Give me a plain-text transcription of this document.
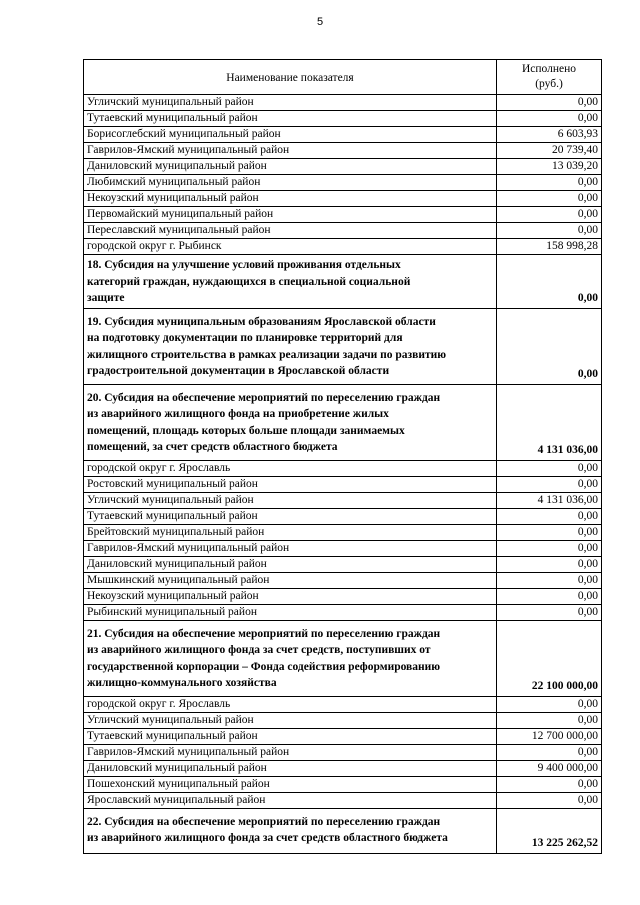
5
Наименование показателя	Исполнено
(руб.)

Угличский муниципальный район	0,00
Тутаевский муниципальный район	0,00
Борисоглебский муниципальный район	6 603,93
Гаврилов-Ямский муниципальный район	20 739,40
Даниловский муниципальный район	13 039,20
Любимский муниципальный район	0,00
Некоузский муниципальный район	0,00
Первомайский муниципальный район	0,00
Переславский муниципальный район	0,00
городской округ г. Рыбинск	158 998,28

18. Субсидия на улучшение условий проживания отдельных
категорий граждан, нуждающихся в специальной социальной
защите	0,00

19. Субсидия муниципальным образованиям Ярославской области
на подготовку документации по планировке территорий для
жилищного строительства в рамках реализации задачи по развитию
градостроительной документации в Ярославской области	0,00

20. Субсидия на обеспечение мероприятий по переселению граждан
из аварийного жилищного фонда на приобретение жилых
помещений, площадь которых больше площади занимаемых
помещений, за счет средств областного бюджета	4 131 036,00
городской округ г. Ярославль	0,00
Ростовский муниципальный район	0,00
Угличский муниципальный район	4 131 036,00
Тутаевский муниципальный район	0,00
Брейтовский муниципальный район	0,00
Гаврилов-Ямский муниципальный район	0,00
Даниловский муниципальный район	0,00
Мышкинский муниципальный район	0,00
Некоузский муниципальный район	0,00
Рыбинский муниципальный район	0,00

21. Субсидия на обеспечение мероприятий по переселению граждан
из аварийного жилищного фонда за счет средств, поступивших от
государственной корпорации – Фонда содействия реформированию
жилищно-коммунального хозяйства	22 100 000,00
городской округ г. Ярославль	0,00
Угличский муниципальный район	0,00
Тутаевский муниципальный район	12 700 000,00
Гаврилов-Ямский муниципальный район	0,00
Даниловский муниципальный район	9 400 000,00
Пошехонский муниципальный район	0,00
Ярославский муниципальный район	0,00

22. Субсидия на обеспечение мероприятий по переселению граждан
из аварийного жилищного фонда за счет средств областного бюджета	13 225 262,52
